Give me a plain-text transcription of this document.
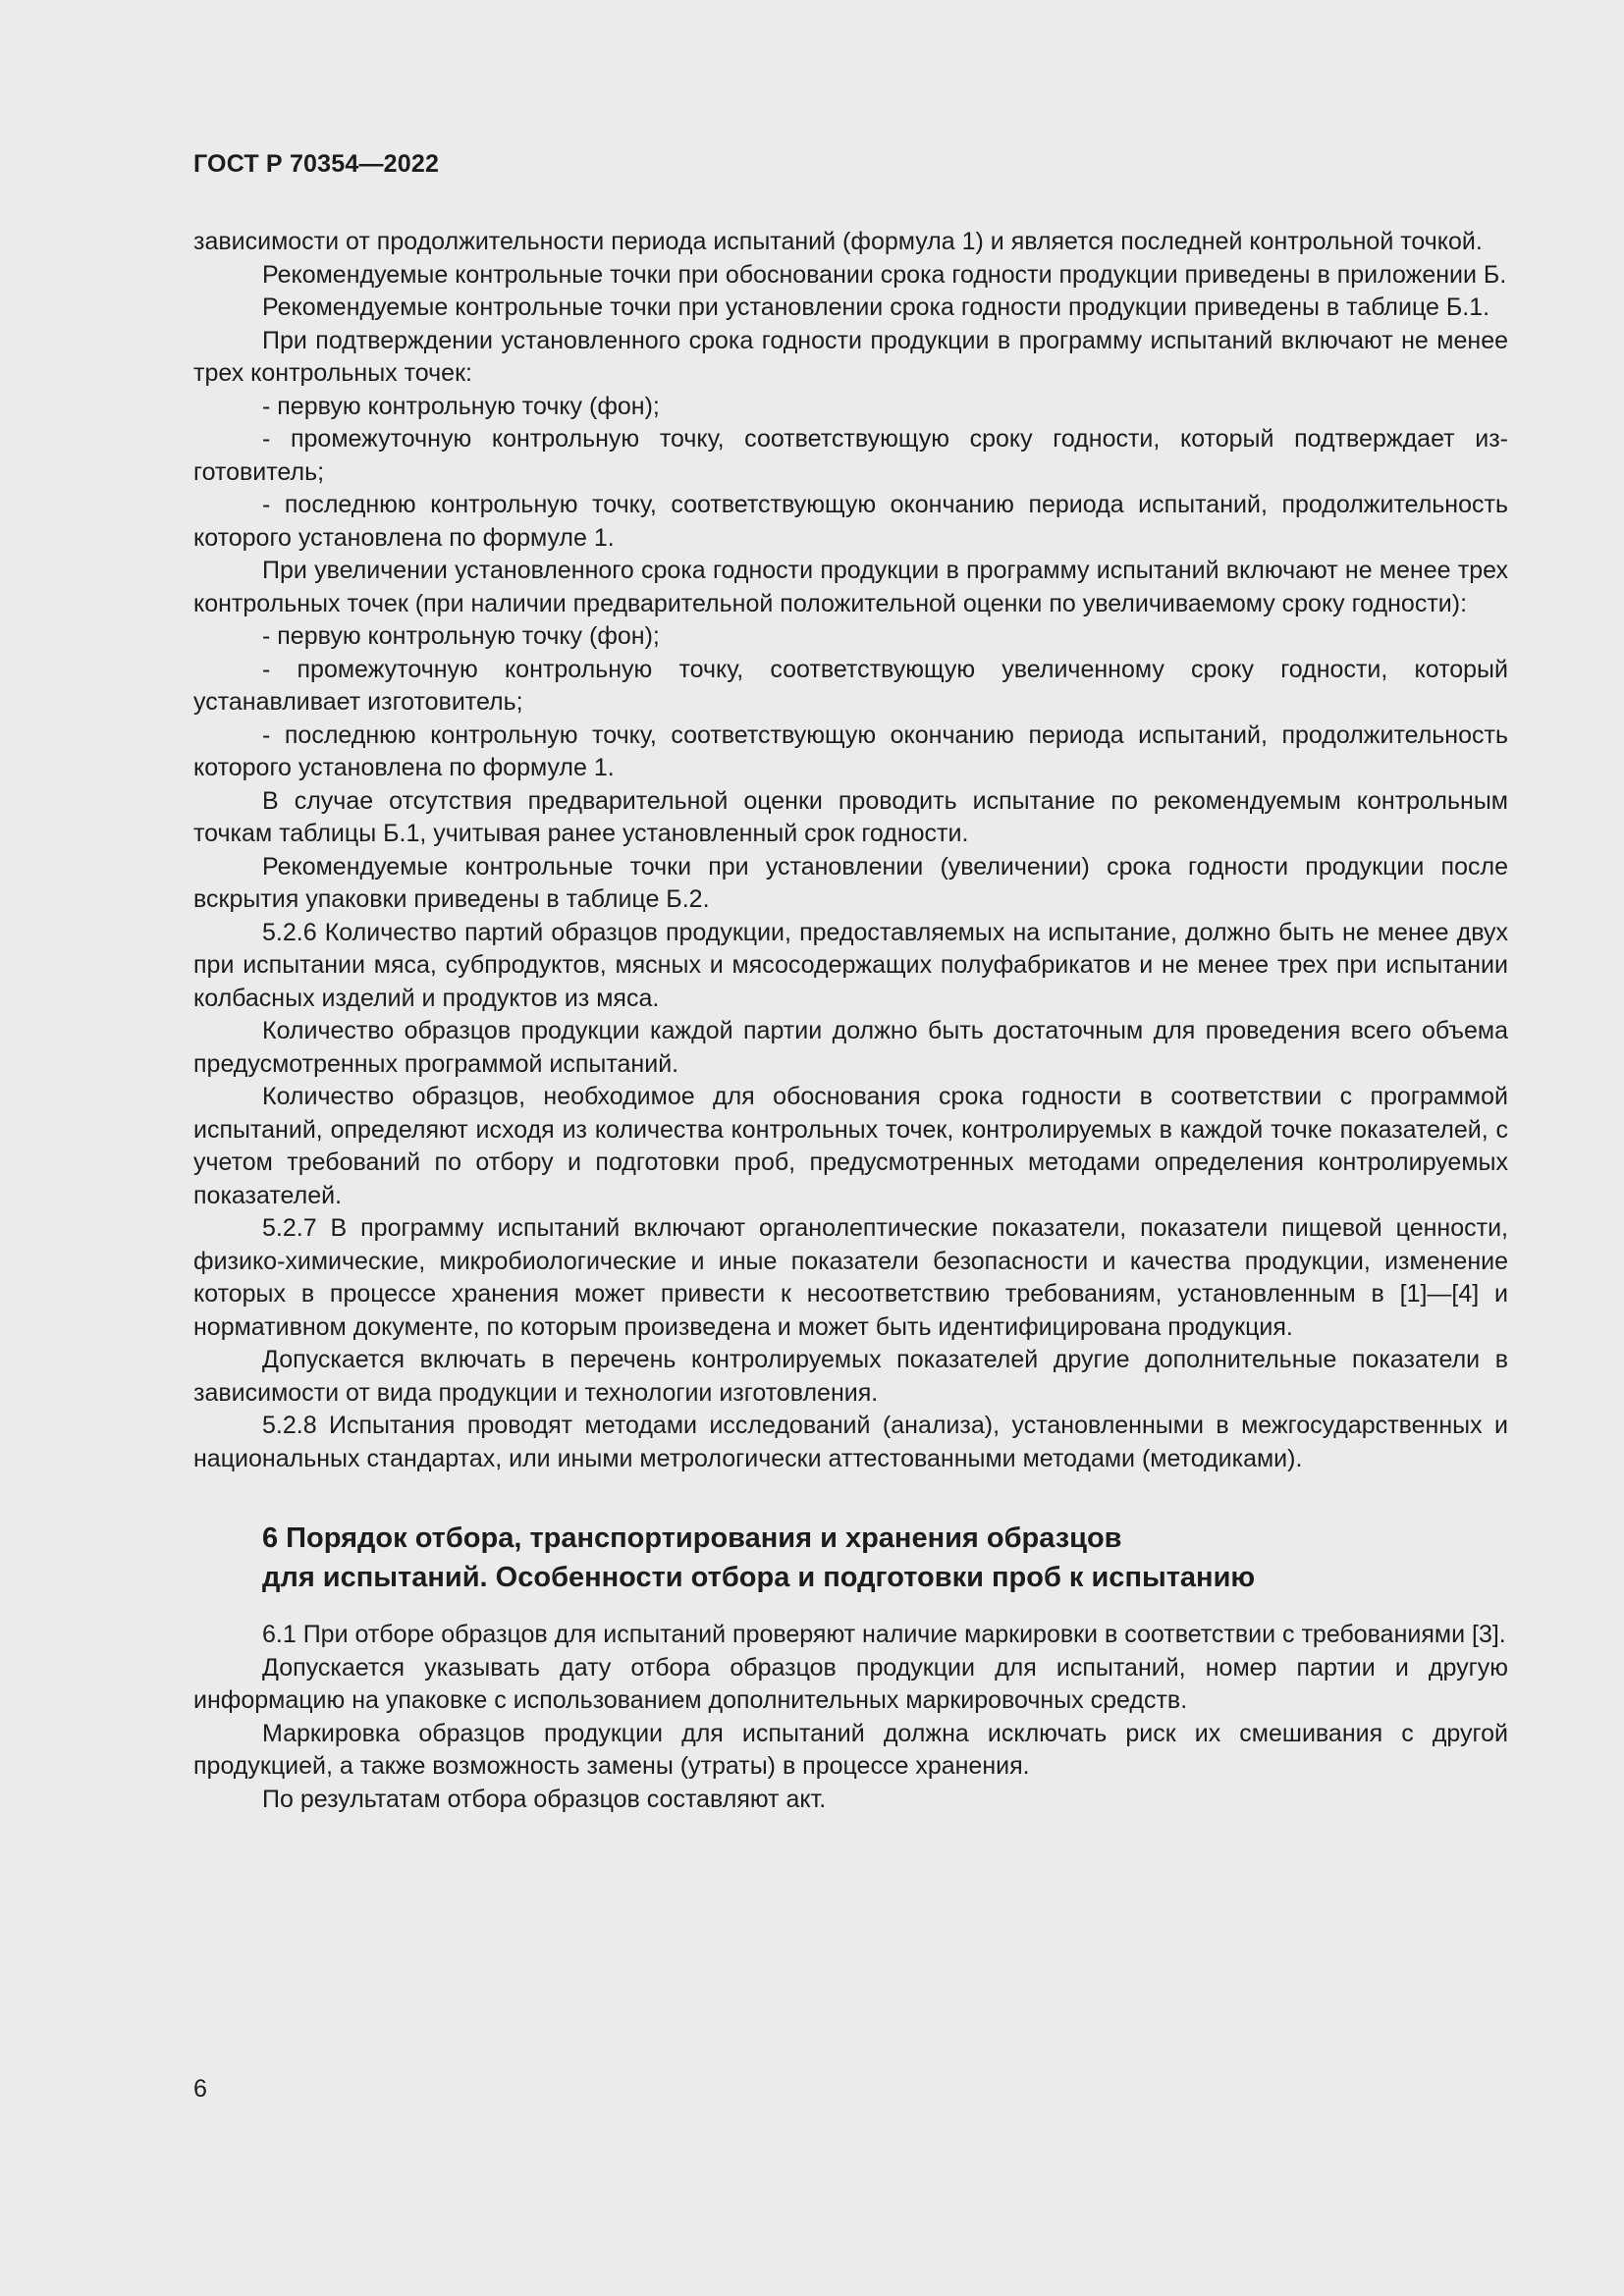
ГОСТ Р 70354—2022

зависимости от продолжительности периода испытаний (формула 1) и является последней контрольной точкой.

Рекомендуемые контрольные точки при обосновании срока годности продукции приведены в приложении Б.

Рекомендуемые контрольные точки при установлении срока годности продукции приведены в таблице Б.1.

При подтверждении установленного срока годности продукции в программу испытаний включают не менее трех контрольных точек:

- первую контрольную точку (фон);

- промежуточную контрольную точку, соответствующую сроку годности, который подтверждает изготовитель;

- последнюю контрольную точку, соответствующую окончанию периода испытаний, продолжительность которого установлена по формуле 1.

При увеличении установленного срока годности продукции в программу испытаний включают не менее трех контрольных точек (при наличии предварительной положительной оценки по увеличиваемому сроку годности):

- первую контрольную точку (фон);

- промежуточную контрольную точку, соответствующую увеличенному сроку годности, который устанавливает изготовитель;

- последнюю контрольную точку, соответствующую окончанию периода испытаний, продолжительность которого установлена по формуле 1.

В случае отсутствия предварительной оценки проводить испытание по рекомендуемым контрольным точкам таблицы Б.1, учитывая ранее установленный срок годности.

Рекомендуемые контрольные точки при установлении (увеличении) срока годности продукции после вскрытия упаковки приведены в таблице Б.2.

5.2.6 Количество партий образцов продукции, предоставляемых на испытание, должно быть не менее двух при испытании мяса, субпродуктов, мясных и мясосодержащих полуфабрикатов и не менее трех при испытании колбасных изделий и продуктов из мяса.

Количество образцов продукции каждой партии должно быть достаточным для проведения всего объема предусмотренных программой испытаний.

Количество образцов, необходимое для обоснования срока годности в соответствии с программой испытаний, определяют исходя из количества контрольных точек, контролируемых в каждой точке показателей, с учетом требований по отбору и подготовки проб, предусмотренных методами определения контролируемых показателей.

5.2.7 В программу испытаний включают органолептические показатели, показатели пищевой ценности, физико-химические, микробиологические и иные показатели безопасности и качества продукции, изменение которых в процессе хранения может привести к несоответствию требованиям, установленным в [1]—[4] и нормативном документе, по которым произведена и может быть идентифицирована продукция.

Допускается включать в перечень контролируемых показателей другие дополнительные показатели в зависимости от вида продукции и технологии изготовления.

5.2.8 Испытания проводят методами исследований (анализа), установленными в межгосударственных и национальных стандартах, или иными метрологически аттестованными методами (методиками).

6 Порядок отбора, транспортирования и хранения образцов
для испытаний. Особенности отбора и подготовки проб к испытанию

6.1 При отборе образцов для испытаний проверяют наличие маркировки в соответствии с требованиями [3].

Допускается указывать дату отбора образцов продукции для испытаний, номер партии и другую информацию на упаковке с использованием дополнительных маркировочных средств.

Маркировка образцов продукции для испытаний должна исключать риск их смешивания с другой продукцией, а также возможность замены (утраты) в процессе хранения.

По результатам отбора образцов составляют акт.

6
